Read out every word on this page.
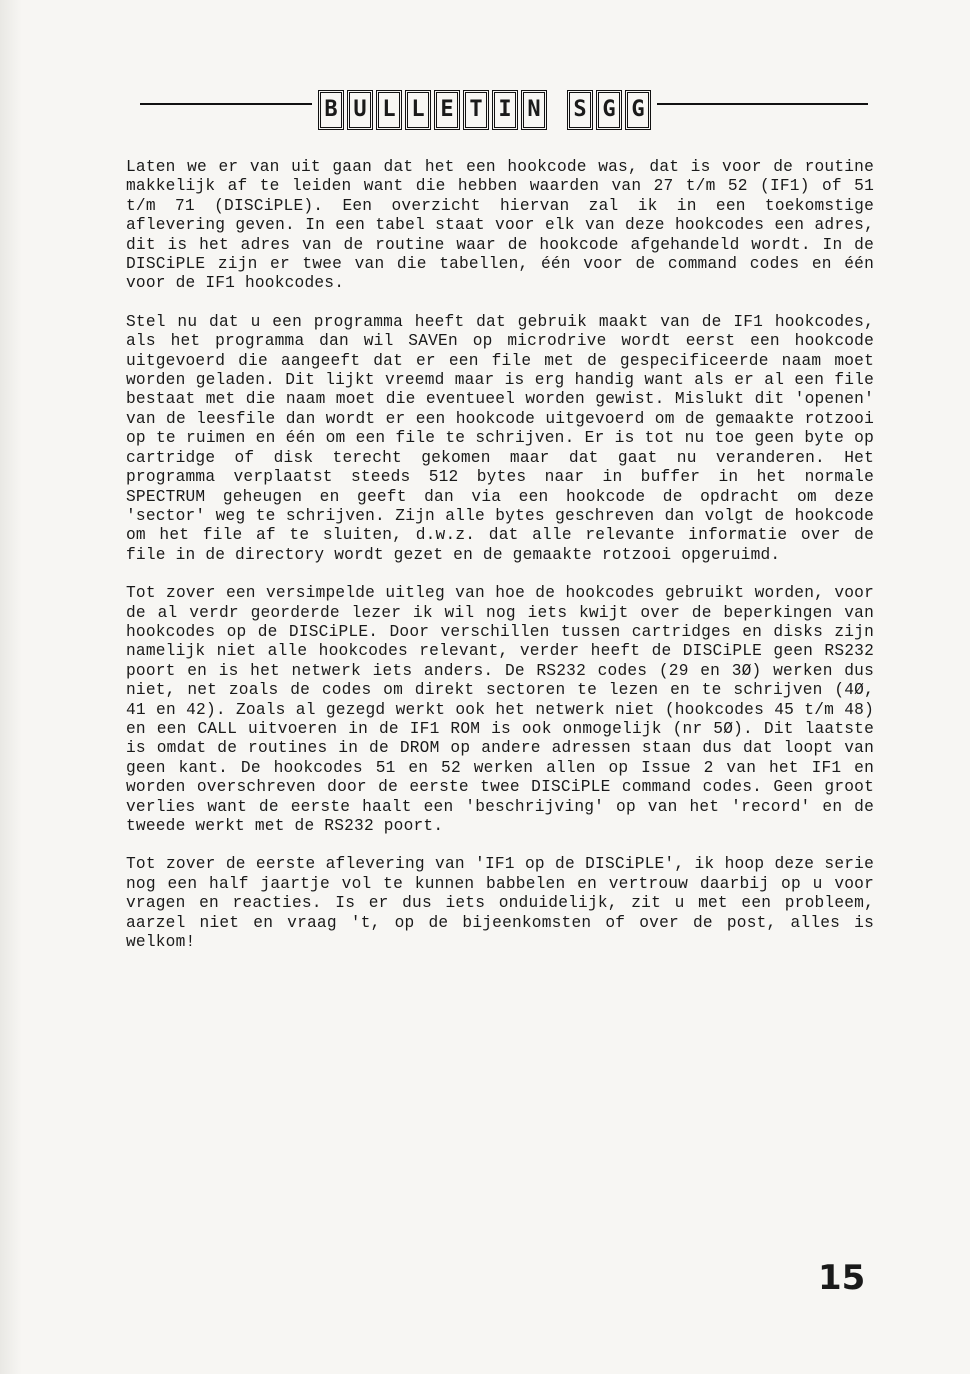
B U L L E T I N S G G

Laten we er van uit gaan dat het een hookcode was, dat is voor de routine makkelijk af te leiden want die hebben waarden van 27 t/m 52 (IF1) of 51 t/m 71 (DISCiPLE). Een overzicht hiervan zal ik in een toekomstige aflevering geven. In een tabel staat voor elk van deze hookcodes een adres, dit is het adres van de routine waar de hookcode afgehandeld wordt. In de DISCiPLE zijn er twee van die tabellen, één voor de command codes en één voor de IF1 hookcodes.

Stel nu dat u een programma heeft dat gebruik maakt van de IF1 hookcodes, als het programma dan wil SAVEn op microdrive wordt eerst een hookcode uitgevoerd die aangeeft dat er een file met de gespecificeerde naam moet worden geladen. Dit lijkt vreemd maar is erg handig want als er al een file bestaat met die naam moet die eventueel worden gewist. Mislukt dit 'openen' van de leesfile dan wordt er een hookcode uitgevoerd om de gemaakte rotzooi op te ruimen en één om een file te schrijven. Er is tot nu toe geen byte op cartridge of disk terecht gekomen maar dat gaat nu veranderen. Het programma verplaatst steeds 512 bytes naar in buffer in het normale SPECTRUM geheugen en geeft dan via een hookcode de opdracht om deze 'sector' weg te schrijven. Zijn alle bytes geschreven dan volgt de hookcode om het file af te sluiten, d.w.z. dat alle relevante informatie over de file in de directory wordt gezet en de gemaakte rotzooi opgeruimd.

Tot zover een versimpelde uitleg van hoe de hookcodes gebruikt worden, voor de al verdr georderde lezer ik wil nog iets kwijt over de beperkingen van hookcodes op de DISCiPLE. Door verschillen tussen cartridges en disks zijn namelijk niet alle hookcodes relevant, verder heeft de DISCiPLE geen RS232 poort en is het netwerk iets anders. De RS232 codes (29 en 3Ø) werken dus niet, net zoals de codes om direkt sectoren te lezen en te schrijven (4Ø, 41 en 42). Zoals al gezegd werkt ook het netwerk niet (hookcodes 45 t/m 48) en een CALL uitvoeren in de IF1 ROM is ook onmogelijk (nr 5Ø). Dit laatste is omdat de routines in de DROM op andere adressen staan dus dat loopt van geen kant. De hookcodes 51 en 52 werken allen op Issue 2 van het IF1 en worden overschreven door de eerste twee DISCiPLE command codes. Geen groot verlies want de eerste haalt een 'beschrijving' op van het 'record' en de tweede werkt met de RS232 poort.

Tot zover de eerste aflevering van 'IF1 op de DISCiPLE', ik hoop deze serie nog een half jaartje vol te kunnen babbelen en vertrouw daarbij op u voor vragen en reacties. Is er dus iets onduidelijk, zit u met een probleem, aarzel niet en vraag 't, op de bijeenkomsten of over de post, alles is welkom!

15
